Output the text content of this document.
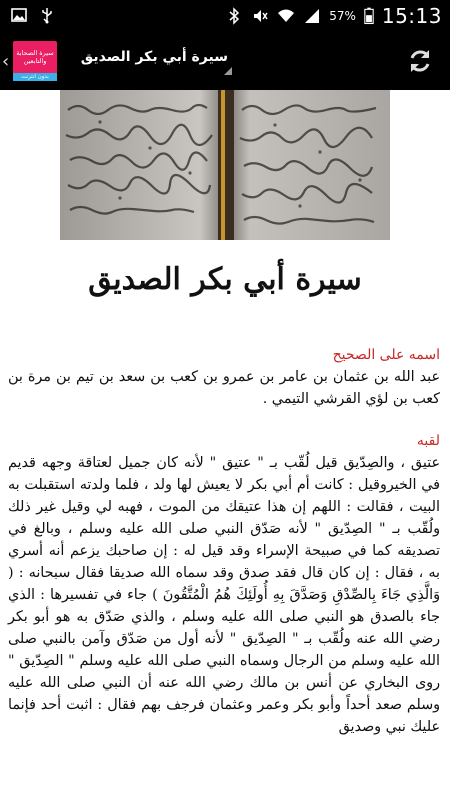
57% 15:13
‹	سيرة الصحابة والتابعين
بدون انترنت
سيرة أبي بكر الصديق
سيرة أبي بكر الصديق

اسمه على الصحيح

عبد الله بن عثمان بن عامر بن عمرو بن كعب بن سعد بن تيم بن مرة بن كعب بن لؤي القرشي التيمي .

لقبه

عتيق ، والصِدّيق قيل لُقّب بـ " عتيق " لأنه كان جميل لعتاقة وجهه قديم في الخيروقيل : كانت أم أبي بكر لا يعيش لها ولد ، فلما ولدته استقبلت به البيت ، فقالت : اللهم إن هذا عتيقك من الموت ، فهبه لي وقيل غير ذلك ولُقّب بـ " الصِدّيق " لأنه صَدّق النبي صلى الله عليه وسلم ، وبالغ في تصديقه كما في صبيحة الإسراء وقد قيل له : إن صاحبك يزعم أنه أسري به ، فقال : إن كان قال فقد صدق وقد سماه الله صديقا فقال سبحانه : ( وَالَّذِي جَاءَ بِالصِّدْقِ وَصَدَّقَ بِهِ أُولَئِكَ هُمُ الْمُتَّقُونَ ) جاء في تفسيرها : الذي جاء بالصدق هو النبي صلى الله عليه وسلم ، والذي صَدّق به هو أبو بكر رضي الله عنه ولُقّب بـ " الصِدّيق " لأنه أول من صَدّق وآمن بالنبي صلى الله عليه وسلم من الرجال وسماه النبي صلى الله عليه وسلم " الصِدّيق " روى البخاري عن أنس بن مالك رضي الله عنه أن النبي صلى الله عليه وسلم صعد أحداً وأبو بكر وعمر وعثمان فرجف بهم فقال : اثبت أحد فإنما عليك نبي وصديق
